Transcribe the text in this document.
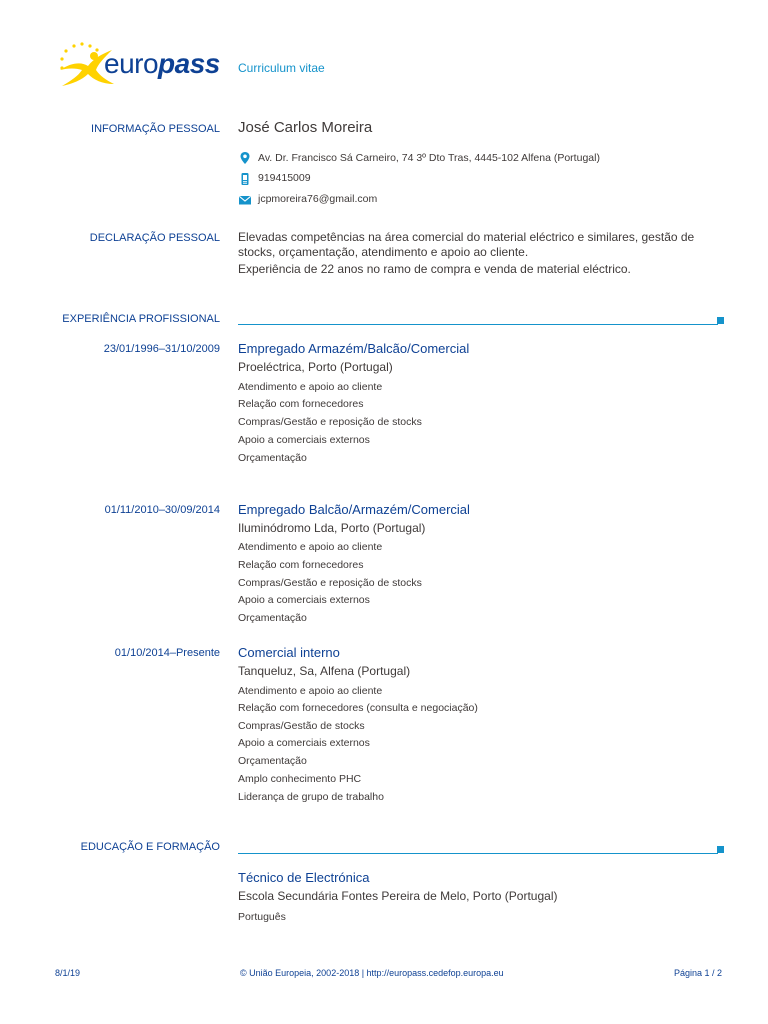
europass Curriculum vitae
INFORMAÇÃO PESSOAL José Carlos Moreira
Av. Dr. Francisco Sá Carneiro, 74 3º Dto Tras, 4445-102 Alfena (Portugal)
919415009
jcpmoreira76@gmail.com
DECLARAÇÃO PESSOAL Elevadas competências na área comercial do material eléctrico e similares, gestão de
stocks, orçamentação, atendimento e apoio ao cliente.
Experiência de 22 anos no ramo de compra e venda de material eléctrico.
EXPERIÊNCIA PROFISSIONAL
23/01/1996–31/10/2009 Empregado Armazém/Balcão/Comercial
Proeléctrica, Porto (Portugal)
Atendimento e apoio ao cliente
Relação com fornecedores
Compras/Gestão e reposição de stocks
Apoio a comerciais externos
Orçamentação
01/11/2010–30/09/2014 Empregado Balcão/Armazém/Comercial
Iluminódromo Lda, Porto (Portugal)
Atendimento e apoio ao cliente
Relação com fornecedores
Compras/Gestão e reposição de stocks
Apoio a comerciais externos
Orçamentação
01/10/2014–Presente Comercial interno
Tanqueluz, Sa, Alfena (Portugal)
Atendimento e apoio ao cliente
Relação com fornecedores (consulta e negociação)
Compras/Gestão de stocks
Apoio a comerciais externos
Orçamentação
Amplo conhecimento PHC
Liderança de grupo de trabalho
EDUCAÇÃO E FORMAÇÃO
Técnico de Electrónica
Escola Secundária Fontes Pereira de Melo, Porto (Portugal)
Português
8/1/19	© União Europeia, 2002-2018 | http://europass.cedefop.europa.eu	Página 1 / 2
